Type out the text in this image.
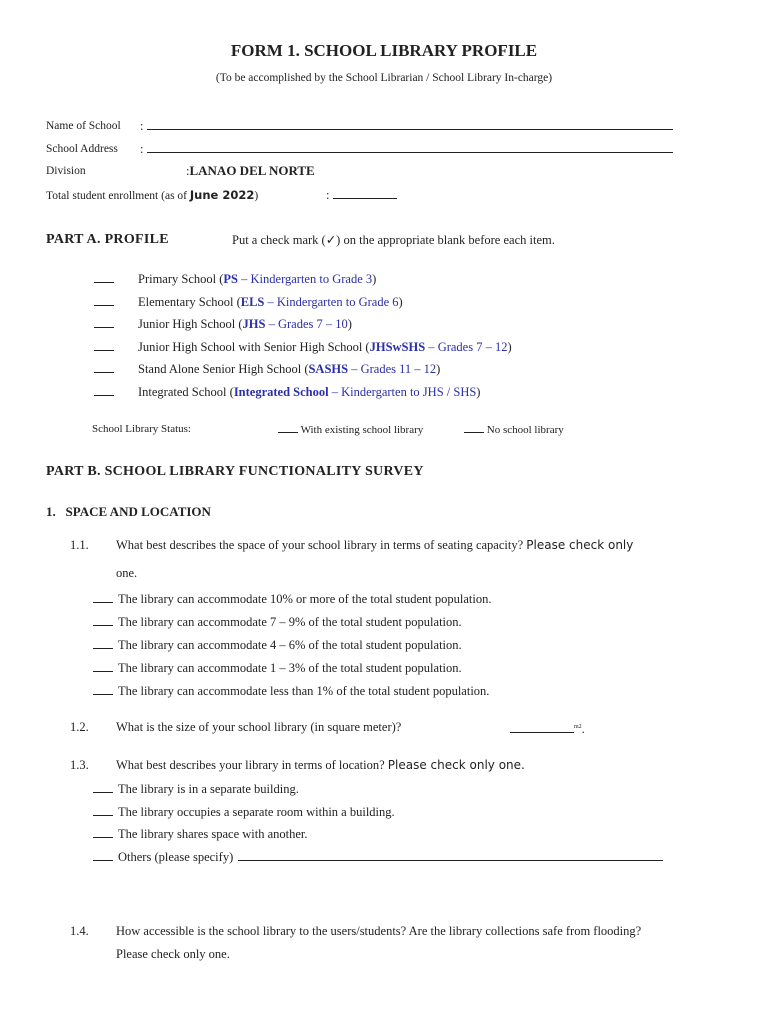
FORM 1. SCHOOL LIBRARY PROFILE
(To be accomplished by the School Librarian / School Library In-charge)
Name of School :
School Address :
Division	:LANAO DEL NORTE
Total student enrollment (as of June 2022)	:
PART A. PROFILE	Put a check mark (✓) on the appropriate blank before each item.
Primary School (PS – Kindergarten to Grade 3)
Elementary School (ELS – Kindergarten to Grade 6)
Junior High School (JHS – Grades 7 – 10)
Junior High School with Senior High School (JHSwSHS – Grades 7 – 12)
Stand Alone Senior High School (SASHS – Grades 11 – 12)
Integrated School (Integrated School – Kindergarten to JHS / SHS)
School Library Status:	With existing school library	No school library
PART B. SCHOOL LIBRARY FUNCTIONALITY SURVEY
1.   SPACE AND LOCATION
1.1. What best describes the space of your school library in terms of seating capacity? Please check only
one.
The library can accommodate 10% or more of the total student population.
The library can accommodate 7 – 9% of the total student population.
The library can accommodate 4 – 6% of the total student population.
The library can accommodate 1 – 3% of the total student population.
The library can accommodate less than 1% of the total student population.
1.2. What is the size of your school library (in square meter)?	$^{m2}$.
1.3. What best describes your library in terms of location? Please check only one.
The library is in a separate building.
The library occupies a separate room within a building.
The library shares space with another.
Others (please specify)
1.4. How accessible is the school library to the users/students? Are the library collections safe from flooding?
Please check only one.
